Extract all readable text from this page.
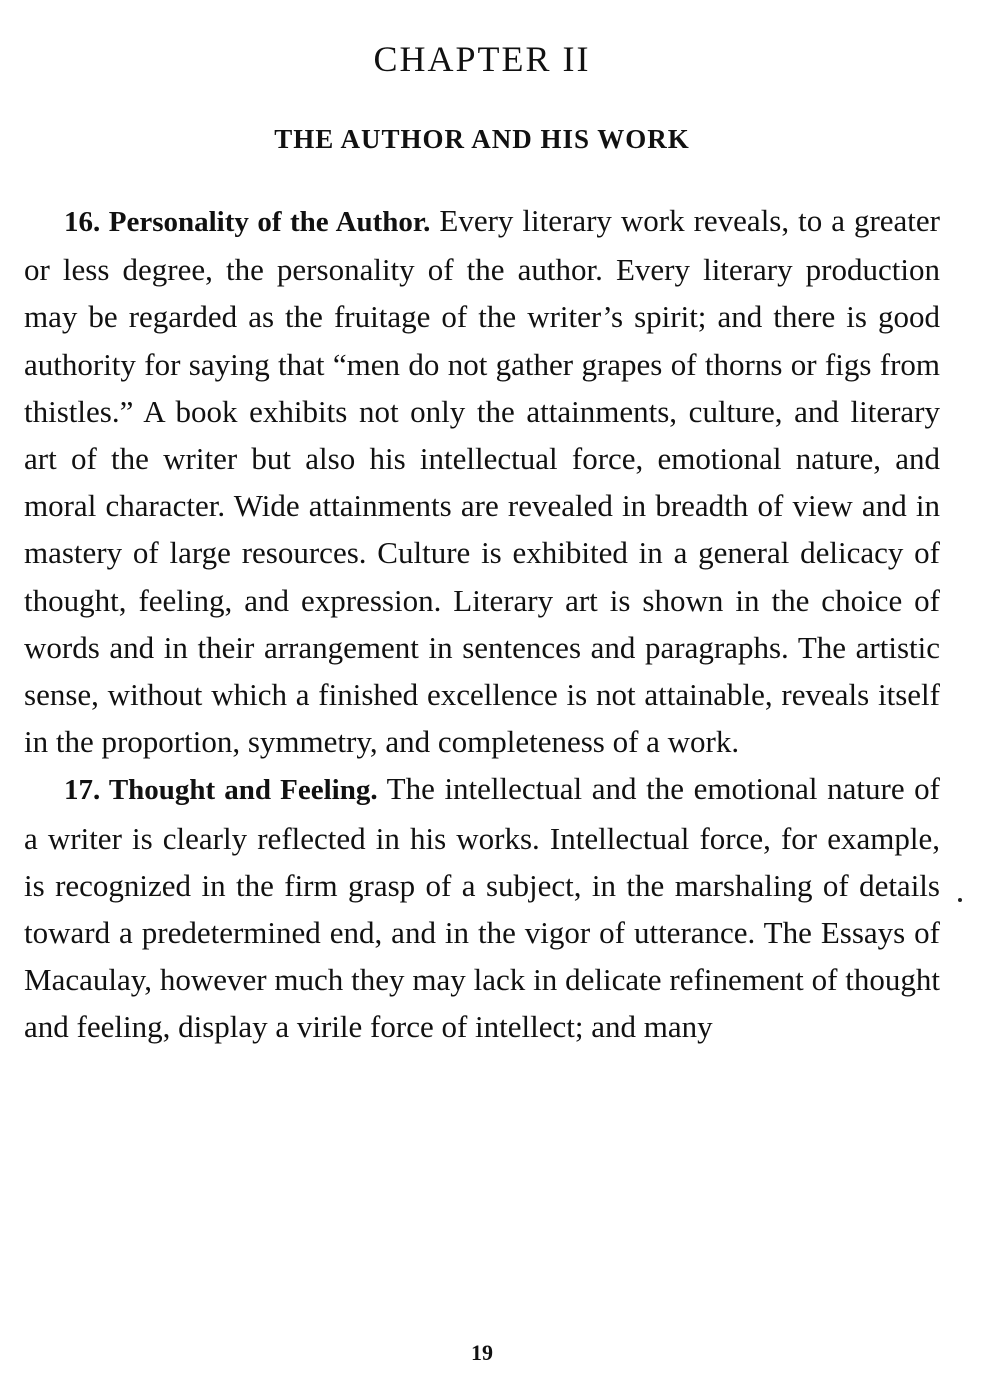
CHAPTER II
THE AUTHOR AND HIS WORK

16. Personality of the Author. Every literary work reveals, to a greater or less degree, the personality of the author. Every literary production may be regarded as the fruitage of the writer’s spirit; and there is good authority for saying that “men do not gather grapes of thorns or figs from thistles.” A book exhibits not only the attainments, culture, and literary art of the writer but also his intellectual force, emotional nature, and moral character. Wide attainments are revealed in breadth of view and in mastery of large resources. Culture is exhibited in a general delicacy of thought, feeling, and expression. Literary art is shown in the choice of words and in their arrangement in sentences and paragraphs. The artistic sense, without which a finished excellence is not attainable, reveals itself in the proportion, symmetry, and completeness of a work.

17. Thought and Feeling. The intellectual and the emotional nature of a writer is clearly reflected in his works. Intellectual force, for example, is recognized in the firm grasp of a subject, in the marshaling of details toward a predetermined end, and in the vigor of utterance. The Essays of Macaulay, however much they may lack in delicate refinement of thought and feeling, display a virile force of intellect; and many

19
